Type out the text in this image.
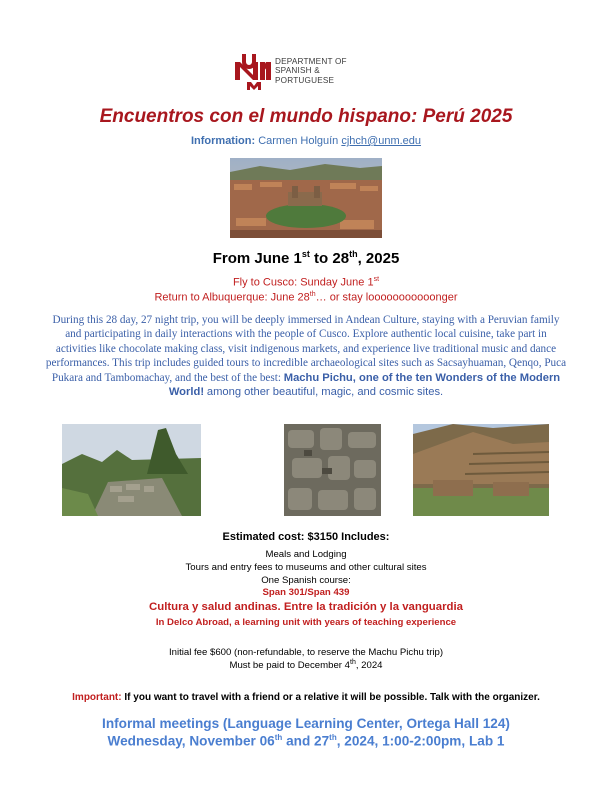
DEPARTMENT OF
SPANISH &
PORTUGUESE
Encuentros con el mundo hispano: Perú 2025
Information: Carmen Holguín cjhch@unm.edu
From June 1st to 28th, 2025
Fly to Cusco: Sunday June 1st
Return to Albuquerque: June 28th… or stay looooooooooonger
During this 28 day, 27 night trip, you will be deeply immersed in Andean Culture, staying with a Peruvian family and participating in daily interactions with the people of Cusco. Explore authentic local cuisine, take part in activities like chocolate making class, visit indigenous markets, and experience live traditional music and dance performances. This trip includes guided tours to incredible archaeological sites such as Sacsayhuaman, Qenqo, Puca Pukara and Tambomachay, and the best of the best: Machu Pichu, one of the ten Wonders of the Modern World! among other beautiful, magic, and cosmic sites.
Estimated cost: $3150 Includes:
Meals and Lodging
Tours and entry fees to museums and other cultural sites
One Spanish course:
Span 301/Span 439
Cultura y salud andinas. Entre la tradición y la vanguardia
In Delco Abroad, a learning unit with years of teaching experience
Initial fee $600 (non-refundable, to reserve the Machu Pichu trip)
Must be paid to December 4th, 2024
Important: If you want to travel with a friend or a relative it will be possible. Talk with the organizer.
Informal meetings (Language Learning Center, Ortega Hall 124)
Wednesday, November 06th and 27th, 2024, 1:00-2:00pm, Lab 1
